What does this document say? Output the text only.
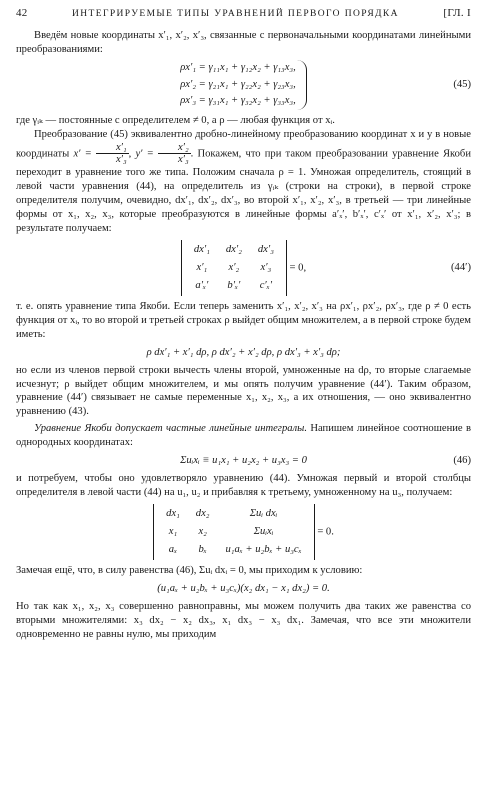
42	ИНТЕГРИРУЕМЫЕ ТИПЫ УРАВНЕНИЙ ПЕРВОГО ПОРЯДКА	[ГЛ. I

Введём новые координаты x′₁, x′₂, x′₃, связанные с первоначальными координатами линейными преобразованиями:

ρx′₁ = γ₁₁x₁ + γ₁₂x₂ + γ₁₃x₃,
ρx′₂ = γ₂₁x₁ + γ₂₂x₂ + γ₂₃x₃,
ρx′₃ = γ₃₁x₁ + γ₃₂x₂ + γ₃₃x₃,
(45)

где γᵢₖ — постоянные с определителем ≠ 0, а ρ — любая функция от xᵢ.

Преобразование (45) эквивалентно дробно-линейному преобразованию координат x и y в новые координаты $x' = \frac{\text{x′₁}}{\text{x′₃}}$ , $y' = \frac{\text{x′₂}}{\text{x′₃}}$ . Покажем, что при таком преобразовании уравнение Якоби переходит в уравнение того же типа. Положим сначала ρ = 1. Умножая определитель, стоящий в левой части уравнения (44), на определитель из γᵢₖ (строки на строки), в первой строке определителя получим, очевидно, dx′₁, dx′₂, dx′₃, во второй x′₁, x′₂, x′₃, в третьей — три линейные формы от x₁, x₂, x₃, которые преобразуются в линейные формы a′ₓ′, b′ₓ′, c′ₓ′ от x′₁, x′₂, x′₃; в результате получаем:

dx′₁	dx′₂	dx′₃
x′₁	x′₂	x′₃
a′ₓ′	b′ₓ′	c′ₓ′ = 0,	(44′)

т. е. опять уравнение типа Якоби. Если теперь заменить x′₁, x′₂, x′₃ на ρx′₁, ρx′₂, ρx′₃, где ρ ≠ 0 есть функция от xᵢ, то во второй и третьей строках ρ выйдет общим множителем, а в первой строке будем иметь:

ρ dx′₁ + x′₁ dρ, ρ dx′₂ + x′₂ dρ, ρ dx′₃ + x′₃ dρ;

но если из членов первой строки вычесть члены второй, умноженные на dρ, то вторые слагаемые исчезнут; ρ выйдет общим множителем, и мы опять получим уравнение (44′). Таким образом, уравнение (44′) связывает не самые переменные x₁, x₂, x₃, а их отношения, — оно эквивалентно уравнению (43).

Уравнение Якоби допускает частные линейные интегралы. Напишем линейное соотношение в однородных координатах:

Σuᵢxᵢ ≡ u₁x₁ + u₂x₂ + u₃x₃ = 0	(46)

и потребуем, чтобы оно удовлетворяло уравнению (44). Умножая первый и второй столбцы определителя в левой части (44) на u₁, u₂ и прибавляя к третьему, умноженному на u₃, получаем:

dx₁	dx₂	Σuᵢ dxᵢ
x₁	x₂	Σuᵢxᵢ
aₓ	bₓ	u₁aₓ + u₂bₓ + u₃cₓ = 0.

Замечая ещё, что, в силу равенства (46), Σuᵢ dxᵢ = 0, мы приходим к условию:

(u₁aₓ + u₂bₓ + u₃cₓ)(x₂ dx₁ − x₁ dx₂) = 0.

Но так как x₁, x₂, x₃ совершенно равноправны, мы можем получить два таких же равенства со вторыми множителями: x₃ dx₂ − x₂ dx₃, x₁ dx₃ − x₃ dx₁. Замечая, что все эти множители одновременно не равны нулю, мы приходим
